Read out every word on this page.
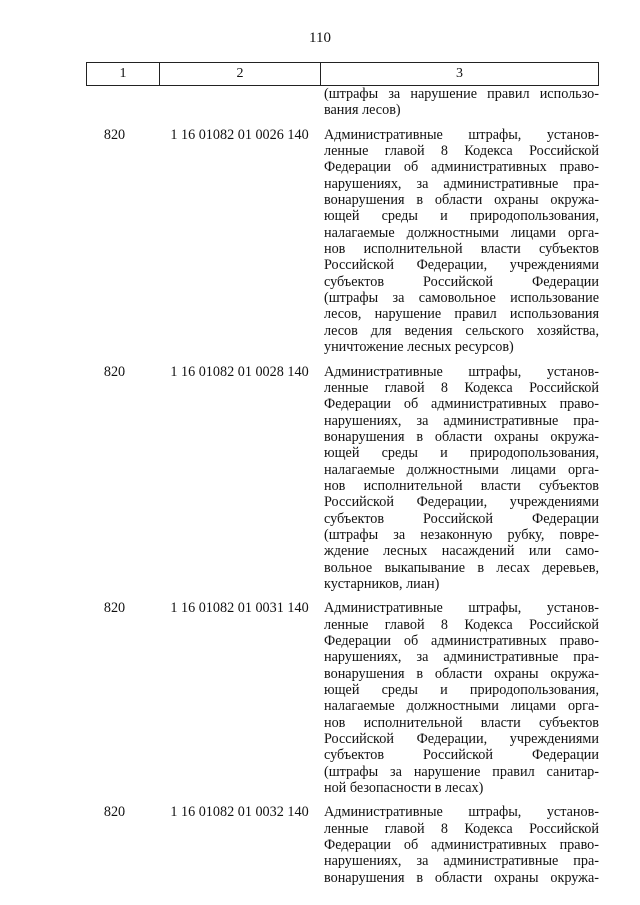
110
1	2	3
(штрафы за нарушение правил использо-
вания лесов)
820	1 16 01082 01 0026 140	Административные штрафы, установ-
ленные главой 8 Кодекса Российской
Федерации об административных право-
нарушениях, за административные пра-
вонарушения в области охраны окружа-
ющей среды и природопользования,
налагаемые должностными лицами орга-
нов исполнительной власти субъектов
Российской Федерации, учреждениями
субъектов Российской Федерации
(штрафы за самовольное использование
лесов, нарушение правил использования
лесов для ведения сельского хозяйства,
уничтожение лесных ресурсов)
820	1 16 01082 01 0028 140	Административные штрафы, установ-
ленные главой 8 Кодекса Российской
Федерации об административных право-
нарушениях, за административные пра-
вонарушения в области охраны окружа-
ющей среды и природопользования,
налагаемые должностными лицами орга-
нов исполнительной власти субъектов
Российской Федерации, учреждениями
субъектов Российской Федерации
(штрафы за незаконную рубку, повре-
ждение лесных насаждений или само-
вольное выкапывание в лесах деревьев,
кустарников, лиан)
820	1 16 01082 01 0031 140	Административные штрафы, установ-
ленные главой 8 Кодекса Российской
Федерации об административных право-
нарушениях, за административные пра-
вонарушения в области охраны окружа-
ющей среды и природопользования,
налагаемые должностными лицами орга-
нов исполнительной власти субъектов
Российской Федерации, учреждениями
субъектов Российской Федерации
(штрафы за нарушение правил санитар-
ной безопасности в лесах)
820	1 16 01082 01 0032 140	Административные штрафы, установ-
ленные главой 8 Кодекса Российской
Федерации об административных право-
нарушениях, за административные пра-
вонарушения в области охраны окружа-
